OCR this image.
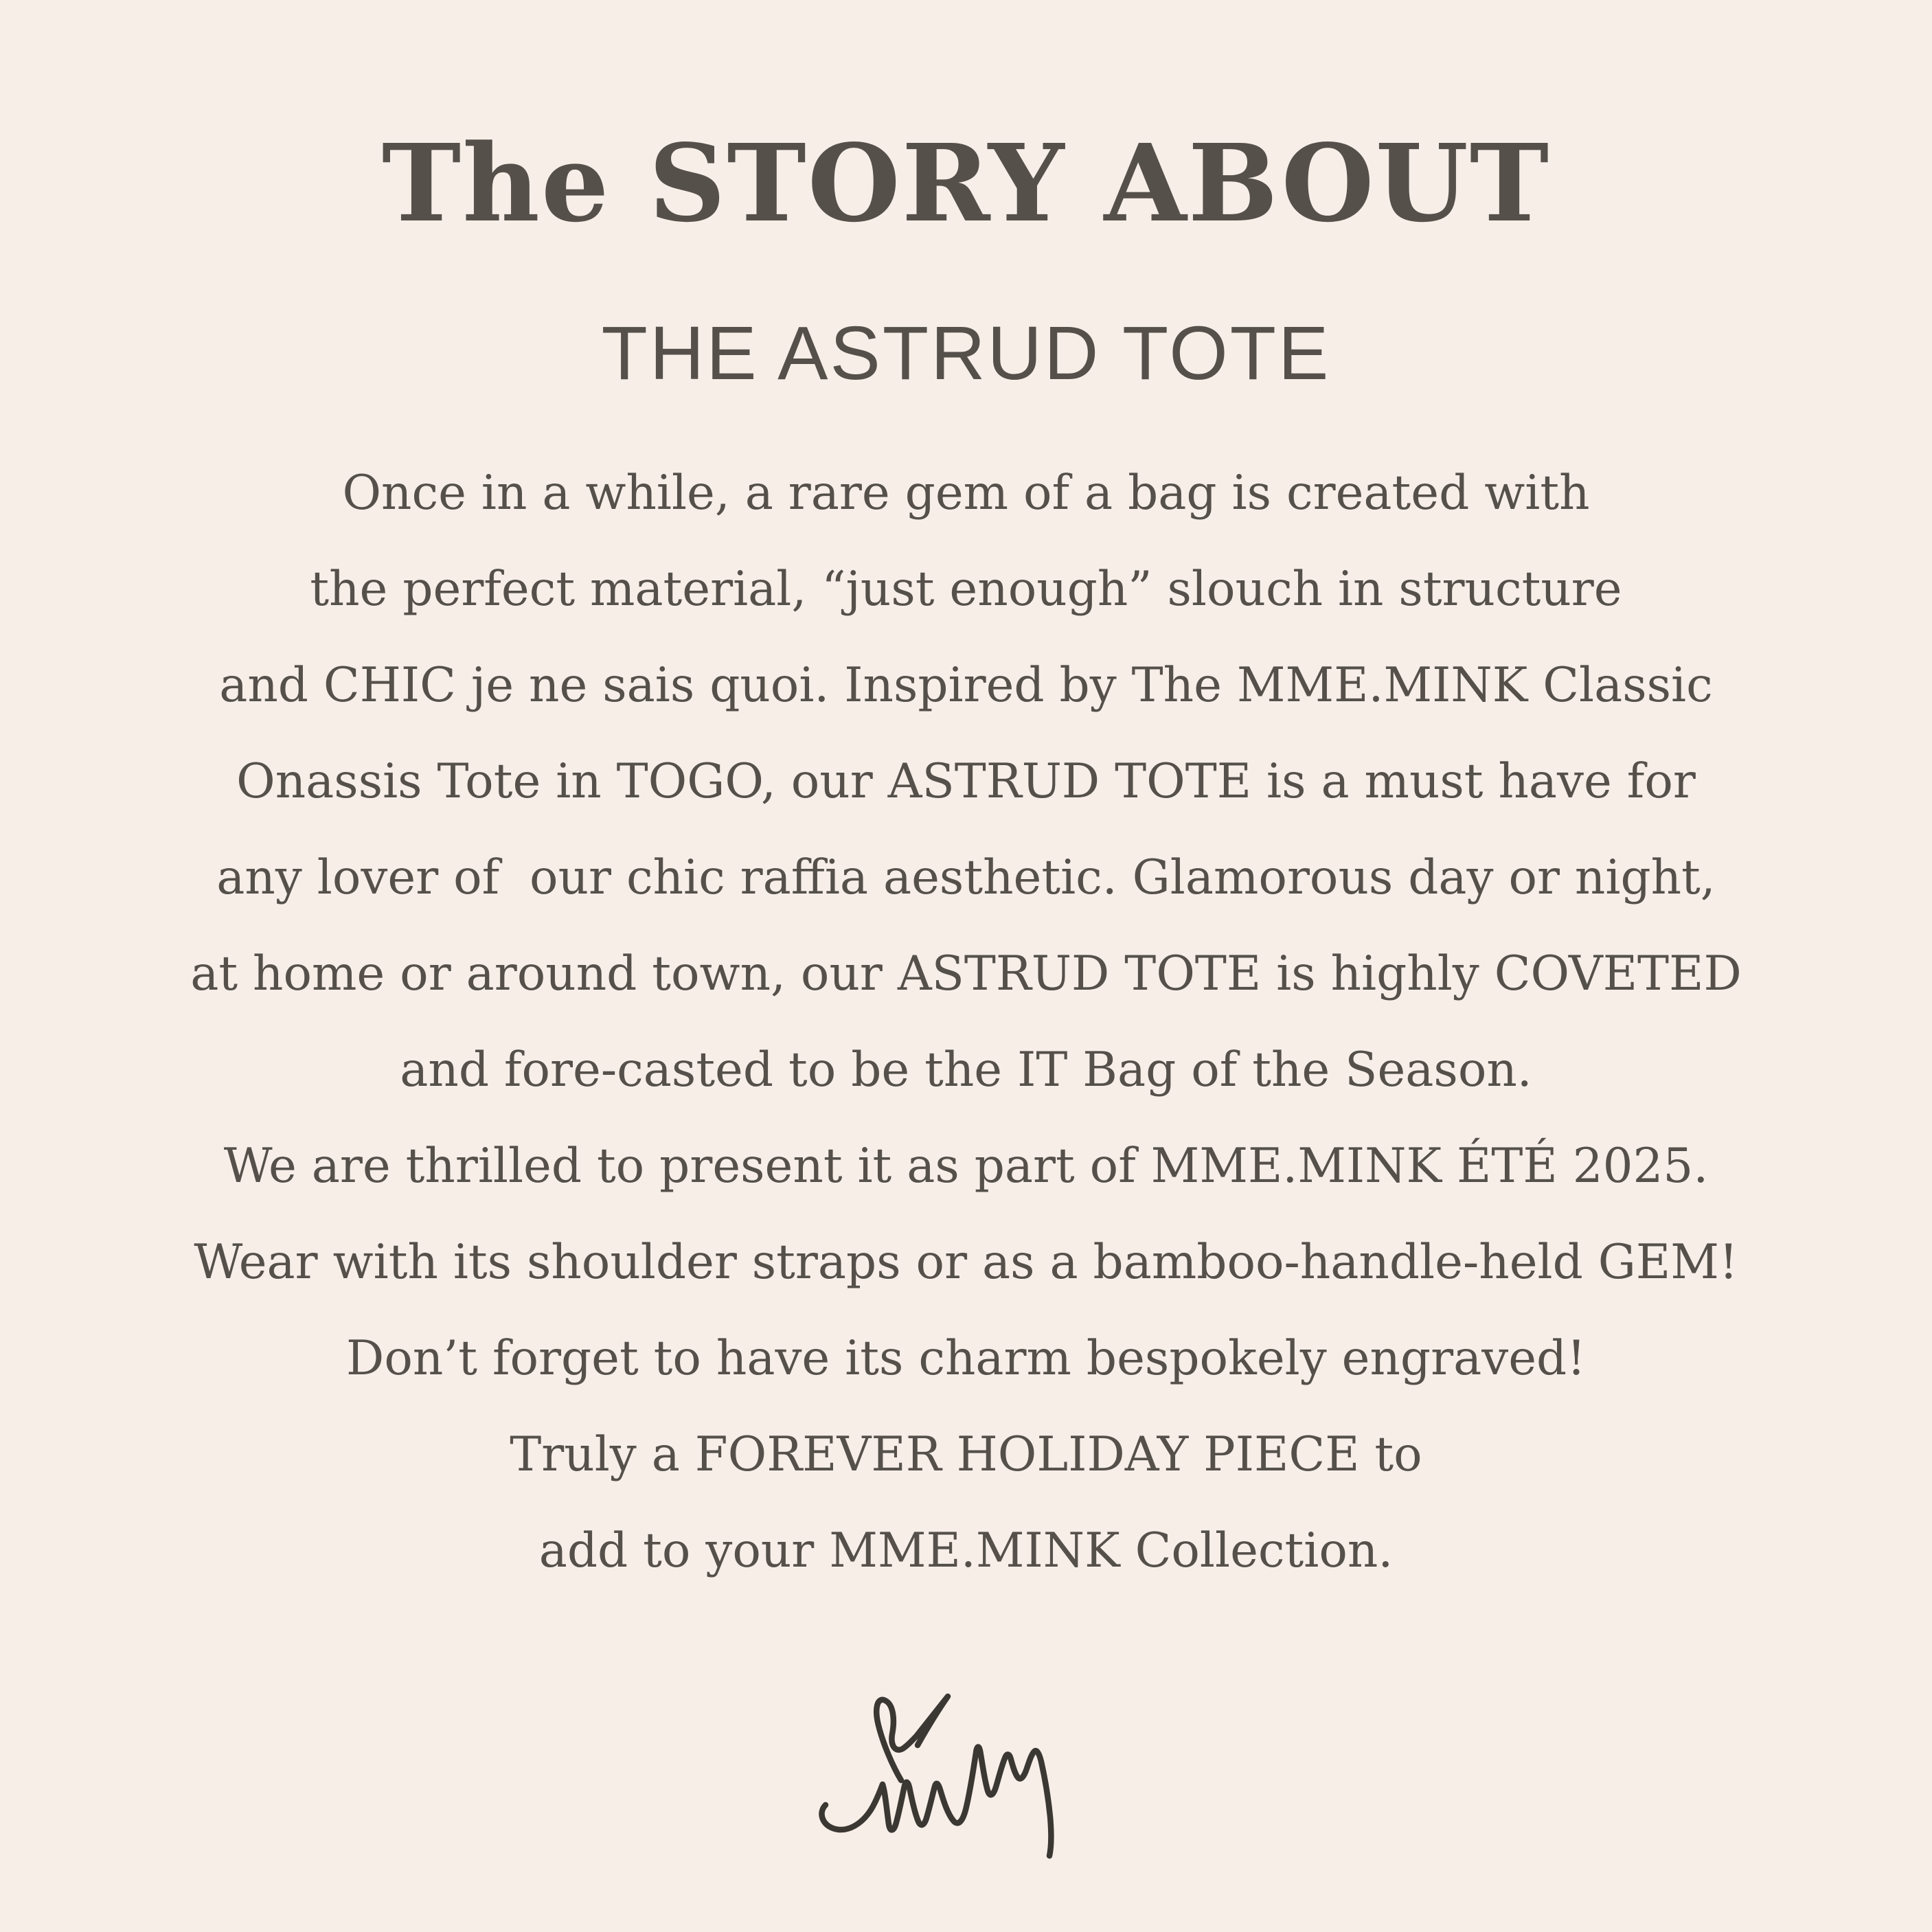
The STORY ABOUT
THE ASTRUD TOTE

Once in a while, a rare gem of a bag is created with

the perfect material, “just enough” slouch in structure

and CHIC je ne sais quoi. Inspired by The MME.MINK Classic

Onassis Tote in TOGO, our ASTRUD TOTE is a must have for

any lover of  our chic raffia aesthetic. Glamorous day or night,

at home or around town, our ASTRUD TOTE is highly COVETED

and fore-casted to be the IT Bag of the Season.

We are thrilled to present it as part of MME.MINK ÉTÉ 2025.

Wear with its shoulder straps or as a bamboo-handle-held GEM!

Don’t forget to have its charm bespokely engraved!

Truly a FOREVER HOLIDAY PIECE to

add to your MME.MINK Collection.
